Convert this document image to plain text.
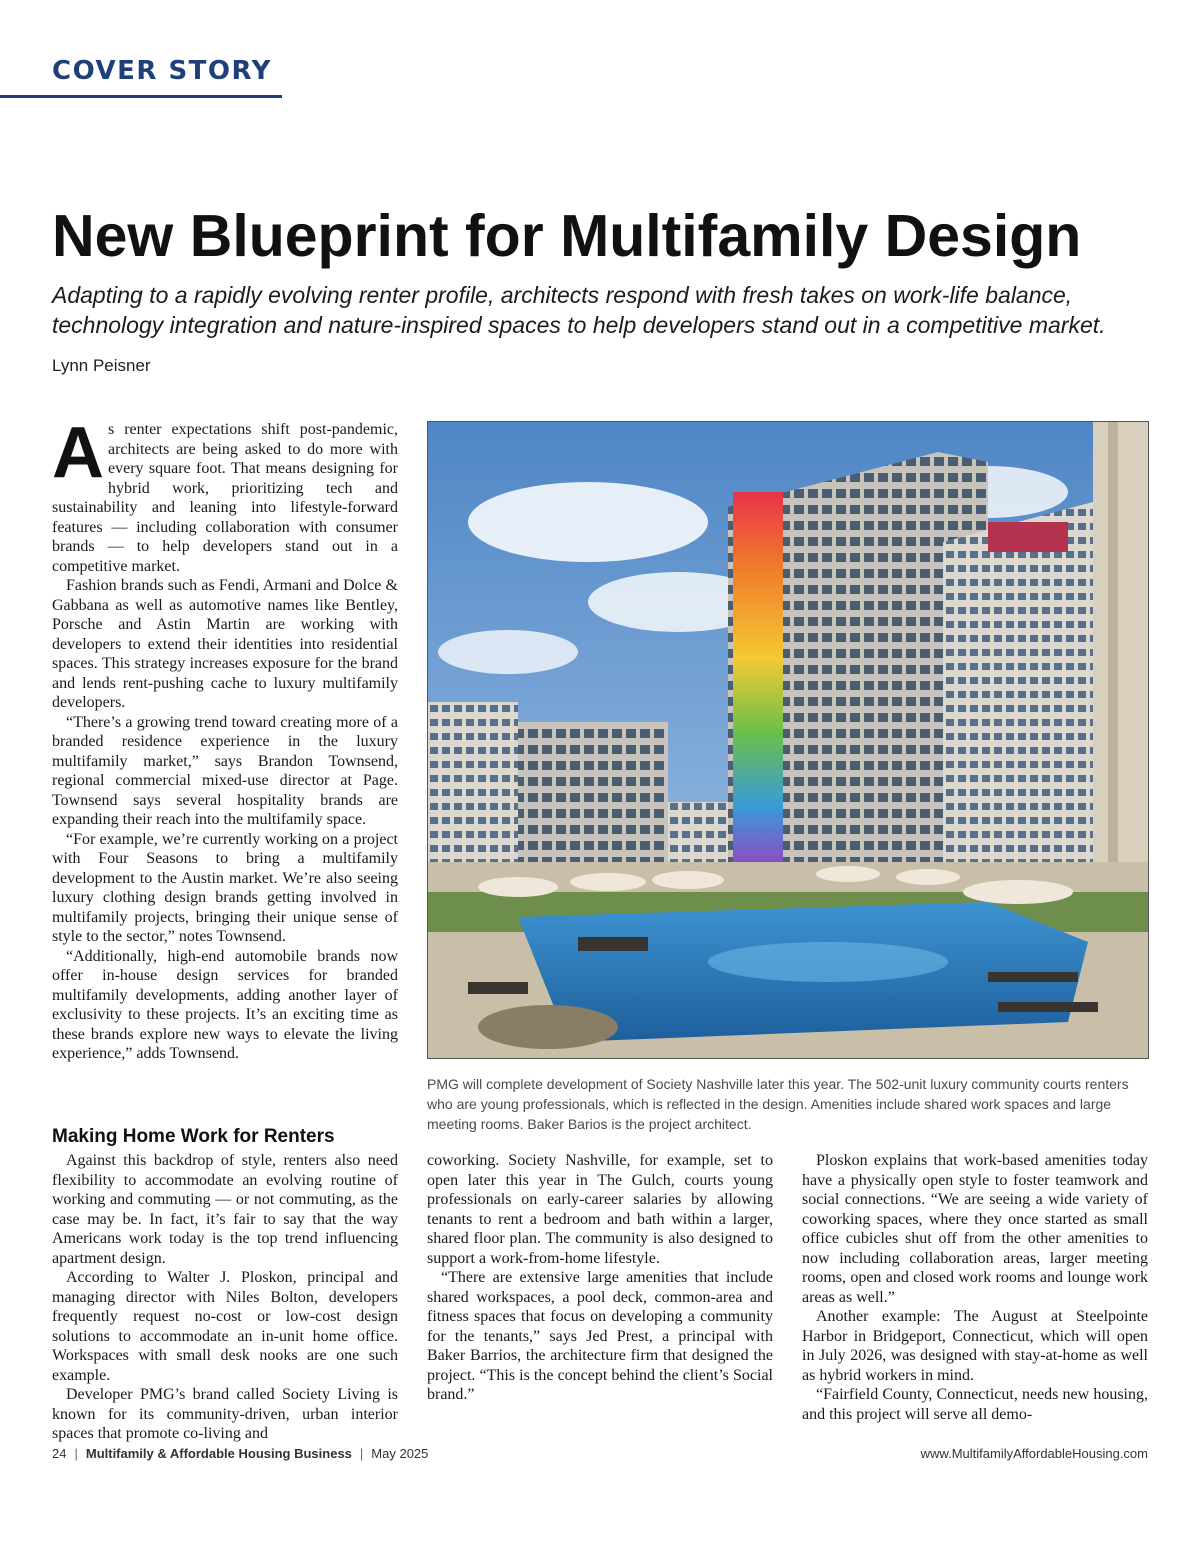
COVER STORY
New Blueprint for Multifamily Design
Adapting to a rapidly evolving renter profile, architects respond with fresh takes on work-life balance, technology integration and nature-inspired spaces to help developers stand out in a competitive market.
Lynn Peisner

As renter expectations shift post-pandemic, architects are being asked to do more with every square foot. That means designing for hybrid work, prioritizing tech and sustainability and leaning into lifestyle-forward features — including collaboration with consumer brands — to help developers stand out in a competitive market.

Fashion brands such as Fendi, Armani and Dolce & Gabbana as well as automotive names like Bentley, Porsche and Astin Martin are working with developers to extend their identities into residential spaces. This strategy increases exposure for the brand and lends rent-pushing cache to luxury multifamily developers.

“There’s a growing trend toward creating more of a branded residence experience in the luxury multifamily market,” says Brandon Townsend, regional commercial mixed-use director at Page. Townsend says several hospitality brands are expanding their reach into the multifamily space.

“For example, we’re currently working on a project with Four Seasons to bring a multifamily development to the Austin market. We’re also seeing luxury clothing design brands getting involved in multifamily projects, bringing their unique sense of style to the sector,” notes Townsend.

“Additionally, high-end automobile brands now offer in-house design services for branded multifamily developments, adding another layer of exclusivity to these projects. It’s an exciting time as these brands explore new ways to elevate the living experience,” adds Townsend.

PMG will complete development of Society Nashville later this year. The 502-unit luxury community courts renters who are young professionals, which is reflected in the design. Amenities include shared work spaces and large meeting rooms. Baker Barios is the project architect.
Making Home Work for Renters

Against this backdrop of style, renters also need flexibility to accommodate an evolving routine of working and commuting — or not commuting, as the case may be. In fact, it’s fair to say that the way Americans work today is the top trend influencing apartment design.

According to Walter J. Ploskon, principal and managing director with Niles Bolton, developers frequently request no-cost or low-cost design solutions to accommodate an in-unit home office. Workspaces with small desk nooks are one such example.

Developer PMG’s brand called Society Living is known for its community-driven, urban interior spaces that promote co-living and

coworking. Society Nashville, for example, set to open later this year in The Gulch, courts young professionals on early-career salaries by allowing tenants to rent a bedroom and bath within a larger, shared floor plan. The community is also designed to support a work-from-home lifestyle.

“There are extensive large amenities that include shared workspaces, a pool deck, common-area and fitness spaces that focus on developing a community for the tenants,” says Jed Prest, a principal with Baker Barrios, the architecture firm that designed the project. “This is the concept behind the client’s Social brand.”

Ploskon explains that work-based amenities today have a physically open style to foster teamwork and social connections. “We are seeing a wide variety of coworking spaces, where they once started as small office cubicles shut off from the other amenities to now including collaboration areas, larger meeting rooms, open and closed work rooms and lounge work areas as well.”

Another example: The August at Steelpointe Harbor in Bridgeport, Connecticut, which will open in July 2026, was designed with stay-at-home as well as hybrid workers in mind.

“Fairfield County, Connecticut, needs new housing, and this project will serve all demo-

24 | Multifamily & Affordable Housing Business | May 2025	www.MultifamilyAffordableHousing.com
